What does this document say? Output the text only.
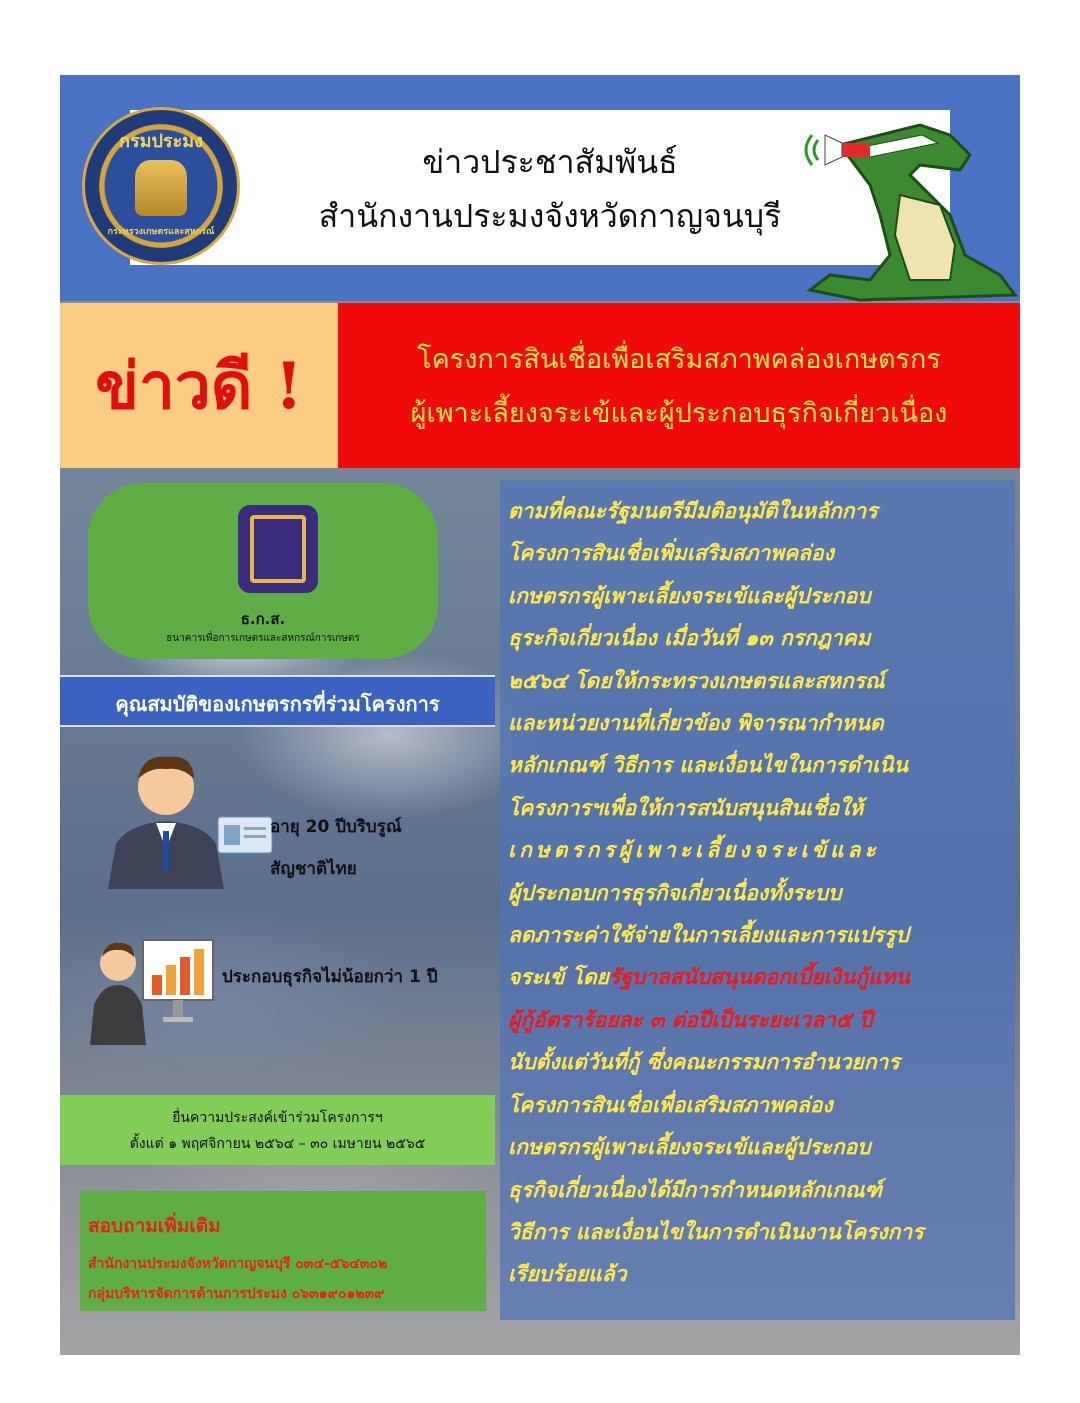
ข่าวประชาสัมพันธ์
สำนักงานประมงจังหวัดกาญจนบุรี
กรมประมง
กระทรวงเกษตรและสหกรณ์
ข่าวดี !	โครงการสินเชื่อเพื่อเสริมสภาพคล่องเกษตรกร
ผู้เพาะเลี้ยงจระเข้และผู้ประกอบธุรกิจเกี่ยวเนื่อง
ธ.ก.ส.
ธนาคารเพื่อการเกษตรและสหกรณ์การเกษตร
คุณสมบัติของเกษตรกรที่ร่วมโครงการ
อายุ 20 ปีบริบรูณ์
สัญชาติไทย
ประกอบธุรกิจไม่น้อยกว่า 1 ปี
ยื่นความประสงค์เข้าร่วมโครงการฯ
ตั้งแต่ ๑ พฤศจิกายน ๒๕๖๔ – ๓๐ เมษายน ๒๕๖๕
สอบถามเพิ่มเติม
สำนักงานประมงจังหวัดกาญจนบุรี ๐๓๔-๕๖๔๓๐๒
กลุ่มบริหารจัดการด้านการประมง ๐๖๓๑๙๐๑๒๓๙
ตามที่คณะรัฐมนตรีมีมติอนุมัติในหลักการ
โครงการสินเชื่อเพิ่มเสริมสภาพคล่อง
เกษตรกรผู้เพาะเลี้ยงจระเข้และผู้ประกอบ
ธุระกิจเกี่ยวเนื่อง เมื่อวันที่ ๑๓ กรกฎาคม
๒๕๖๔ โดยให้กระทรวงเกษตรและสหกรณ์
และหน่วยงานที่เกี่ยวข้อง พิจารณากำหนด
หลักเกณฑ์ วิธีการ และเงื่อนไขในการดำเนิน
โครงการฯเพื่อให้การสนับสนุนสินเชื่อให้
เกษตรกรผู้เพาะเลี้ยงจระเข้และ
ผู้ประกอบการธุรกิจเกี่ยวเนื่องทั้งระบบ
ลดภาระค่าใช้จ่ายในการเลี้ยงและการแปรรูป
จระเข้ โดยรัฐบาลสนับสนุนดอกเบี้ยเงินกู้แทน
ผู้กู้อัตราร้อยละ ๓ ต่อปีเป็นระยะเวลา๕ ปี
นับตั้งแต่วันที่กู้ ซึ่งคณะกรรมการอำนวยการ
โครงการสินเชื่อเพื่อเสริมสภาพคล่อง
เกษตรกรผู้เพาะเลี้ยงจระเข้และผู้ประกอบ
ธุรกิจเกี่ยวเนื่องได้มีการกำหนดหลักเกณฑ์
วิธีการ และเงื่อนไขในการดำเนินงานโครงการ
เรียบร้อยแล้ว
